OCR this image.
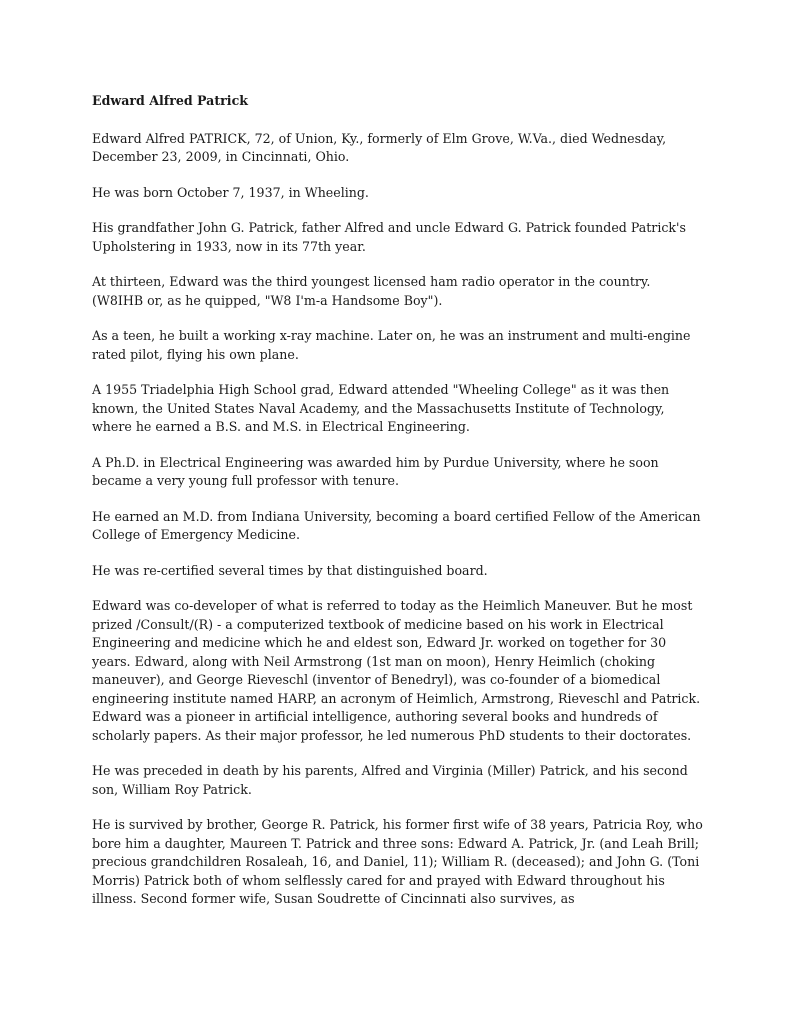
Edward Alfred Patrick

Edward Alfred PATRICK, 72, of Union, Ky., formerly of Elm Grove, W.Va., died Wednesday, December 23, 2009, in Cincinnati, Ohio.

He was born October 7, 1937, in Wheeling.

His grandfather John G. Patrick, father Alfred and uncle Edward G. Patrick founded Patrick's Upholstering in 1933, now in its 77th year.

At thirteen, Edward was the third youngest licensed ham radio operator in the country. (W8IHB or, as he quipped, "W8 I'm-a Handsome Boy").

As a teen, he built a working x-ray machine. Later on, he was an instrument and multi-engine rated pilot, flying his own plane.

A 1955 Triadelphia High School grad, Edward attended "Wheeling College" as it was then known, the United States Naval Academy, and the Massachusetts Institute of Technology, where he earned a B.S. and M.S. in Electrical Engineering.

A Ph.D. in Electrical Engineering was awarded him by Purdue University, where he soon became a very young full professor with tenure.

He earned an M.D. from Indiana University, becoming a board certified Fellow of the American College of Emergency Medicine.

He was re-certified several times by that distinguished board.

Edward was co-developer of what is referred to today as the Heimlich Maneuver. But he most prized /Consult/(R) - a computerized textbook of medicine based on his work in Electrical Engineering and medicine which he and eldest son, Edward Jr. worked on together for 30 years. Edward, along with Neil Armstrong (1st man on moon), Henry Heimlich (choking maneuver), and George Rieveschl (inventor of Benedryl), was co-founder of a biomedical engineering institute named HARP, an acronym of Heimlich, Armstrong, Rieveschl and Patrick. Edward was a pioneer in artificial intelligence, authoring several books and hundreds of scholarly papers. As their major professor, he led numerous PhD students to their doctorates.

He was preceded in death by his parents, Alfred and Virginia (Miller) Patrick, and his second son, William Roy Patrick.

He is survived by brother, George R. Patrick, his former first wife of 38 years, Patricia Roy, who bore him a daughter, Maureen T. Patrick and three sons: Edward A. Patrick, Jr. (and Leah Brill; precious grandchildren Rosaleah, 16, and Daniel, 11); William R. (deceased); and John G. (Toni Morris) Patrick both of whom selflessly cared for and prayed with Edward throughout his illness. Second former wife, Susan Soudrette of Cincinnati also survives, as
